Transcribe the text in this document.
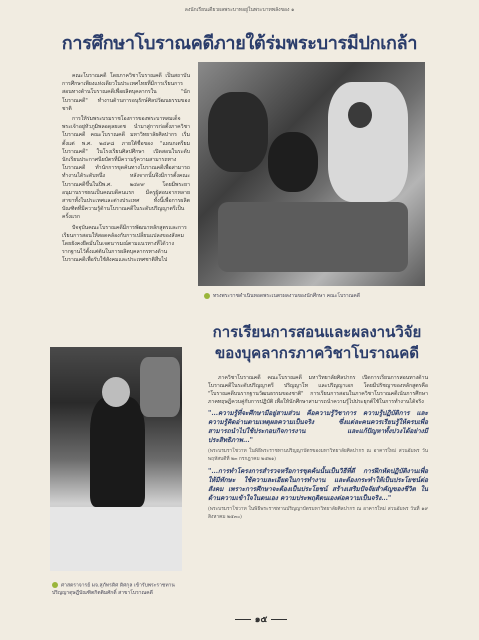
ลงนักเรียนเดียวผลพระบาทอยู่ในพระบาทพลังของ ๑
การศึกษาโบราณคดีภายใต้ร่มพระบารมีปกเกล้า

คณะโบราณคดี โดยภาควิชาโบราณคดี เป็นสถาบันการศึกษาเพียงแห่งเดียวในประเทศไทยที่มีการเรียนการสอนทางด้านโบราณคดีเพื่อผลิตบุคลากรใน "นักโบราณคดี" ทำงานด้านการอนุรักษ์ศิลปวัฒนธรรมของชาติ

การให้ร่มพระบรมราชโองการของพระบาทสมเด็จพระเจ้าอยู่หัวภูมิพลอดุลยเดช นำมาสู่การก่อตั้งภาควิชาโบราณคดี คณะโบราณคดี มหาวิทยาลัยศิลปากร เริ่มตั้งแต่ พ.ศ. ๒๔๙๘ ภายใต้ชื่อของ "แผนกเตรียมโบราณคดี" ในโรงเรียนศิลปศึกษา เปิดสอนในระดับนักเรียนประกาศนียบัตรที่มีความรู้ความสามารถทางโบราณคดี ทำนักการขุดค้นทางโบราณคดีเพื่อสามารถทำงานได้ระดับหนึ่ง หลังจากนั้นจึงมีการตั้งคณะโบราณคดีขึ้นในปีพ.ศ. ๒๔๙๙ โดยมีพระยาอนุมานราชธนเป็นคณบดีคนแรก มีครูผู้สอนจากหลายสาขาทั้งในประเทศและต่างประเทศ ทั้งนี้เพื่อการผลิตบัณฑิตที่มีความรู้ด้านโบราณคดีในระดับปริญญาตรีเป็นครั้งแรก

ปัจจุบันคณะโบราณคดีมีการพัฒนาหลักสูตรและการเรียนการสอนให้สอดคล้องกับการเปลี่ยนแปลงของสังคม โดยยังคงยึดมั่นในเจตนารมณ์ตามแนวทางที่ได้วางรากฐานไว้ตั้งแต่ต้นในการผลิตบุคลากรทางด้านโบราณคดีเพื่อรับใช้สังคมและประเทศชาติสืบไป

ทรงพระราชดำเนินทอดพระเนตรผลงานของนักศึกษา คณะโบราณคดี
การเรียนการสอนและผลงานวิจัย
ของบุคลากรภาควิชาโบราณคดี
ศาสตราจารย์ มจ.สุภัทรดิศ ดิศกุล เข้ารับพระราชทานปริญญาดุษฎีบัณฑิตกิตติมศักดิ์ สาขาโบราณคดี

ภาควิชาโบราณคดี คณะโบราณคดี มหาวิทยาลัยศิลปากร เปิดการเรียนการสอนทางด้านโบราณคดีในระดับปริญญาตรี ปริญญาโท และปริญญาเอก โดยมีปรัชญาของหลักสูตรคือ "โบราณคดีบนรากฐานวัฒนธรรมของชาติ" การเรียนการสอนในภาควิชาโบราณคดีเน้นการศึกษาภาคทฤษฎีควบคู่กับการปฏิบัติ เพื่อให้นักศึกษาสามารถนำความรู้ไปประยุกต์ใช้ในการทำงานได้จริง

"...ความรู้ที่จะศึกษามีอยู่สามส่วน คือความรู้วิชาการ ความรู้ปฏิบัติการ และความรู้คิดอ่านตามเหตุผลความเป็นจริง ซึ่งแต่ละคนควรเรียนรู้ให้ครบเพื่อสามารถนำไปใช้ประกอบกิจการงาน และแก้ปัญหาทั้งปวงได้อย่างมีประสิทธิภาพ..."

(พระบรมราโชวาท ในพิธีพระราชทานปริญญาบัตรของมหาวิทยาลัยศิลปากร ณ อาคารใหม่ สวนอัมพร วันพฤหัสบดีที่ ๒๓ กรกฎาคม ๒๕๒๑)

"...การทำโครงการสำรวจหรือการขุดค้นนั้นเป็นวิธีที่ดี การฝึกหัดปฏิบัติงานเพื่อให้มีทักษะ ใช้ความละเอียดในการทำงาน และต้องกระทำให้เป็นประโยชน์ต่อสังคม เพราะการศึกษาจะต้องเป็นประโยชน์ สร้างเสริมปัจจัยสำคัญของชีวิต ในด้านความเข้าใจในตนเอง ความประพฤติตนเองต่อความเป็นจริง..."

(พระบรมราโชวาท ในพิธีพระราชทานปริญญาบัตรมหาวิทยาลัยศิลปากร ณ อาคารใหม่ สวนอัมพร วันที่ ๑๙ สิงหาคม ๒๕๓๐)

๑๕
